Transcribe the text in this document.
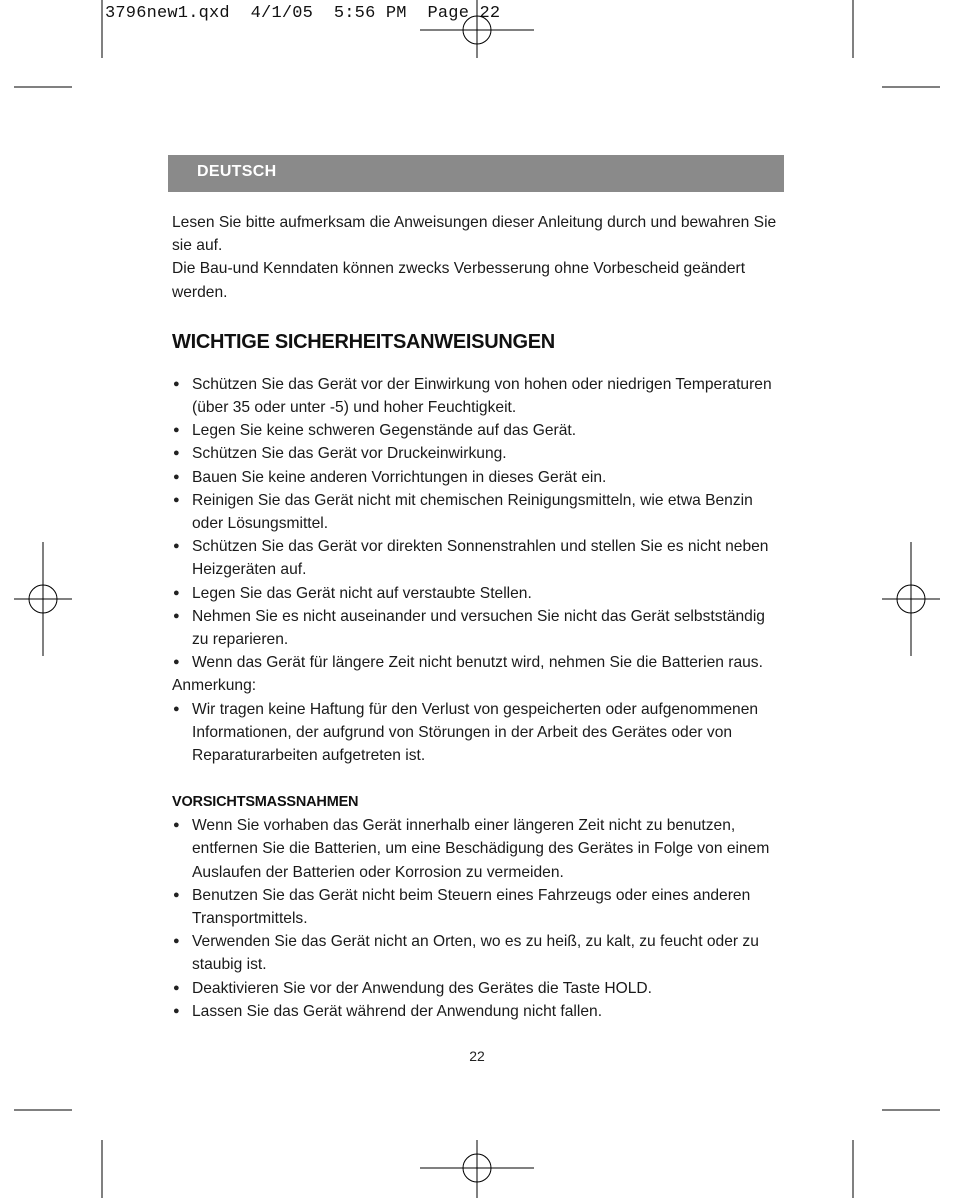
3796new1.qxd 4/1/05 5:56 PM Page 22
DEUTSCH

Lesen Sie bitte aufmerksam die Anweisungen dieser Anleitung durch und bewahren Sie sie auf.

Die Bau-und Kenndaten können zwecks Verbesserung ohne Vorbescheid geändert werden.

WICHTIGE SICHERHEITSANWEISUNGEN
● Schützen Sie das Gerät vor der Einwirkung von hohen oder niedrigen Temperaturen (über 35 oder unter -5) und hoher Feuchtigkeit.
● Legen Sie keine schweren Gegenstände auf das Gerät.
● Schützen Sie das Gerät vor Druckeinwirkung.
● Bauen Sie keine anderen Vorrichtungen in dieses Gerät ein.
● Reinigen Sie das Gerät nicht mit chemischen Reinigungsmitteln, wie etwa Benzin oder Lösungsmittel.
● Schützen Sie das Gerät vor direkten Sonnenstrahlen und stellen Sie es nicht neben Heizgeräten auf.
● Legen Sie das Gerät nicht auf verstaubte Stellen.
● Nehmen Sie es nicht auseinander und versuchen Sie nicht das Gerät selbstständig zu reparieren.
● Wenn das Gerät für längere Zeit nicht benutzt wird, nehmen Sie die Batterien raus.

Anmerkung:

● Wir tragen keine Haftung für den Verlust von gespeicherten oder aufgenommenen Informationen, der aufgrund von Störungen in der Arbeit des Gerätes oder von Reparaturarbeiten aufgetreten ist.
VORSICHTSMASSNAHMEN
● Wenn Sie vorhaben das Gerät innerhalb einer längeren Zeit nicht zu benutzen, entfernen Sie die Batterien, um eine Beschädigung des Gerätes in Folge von einem Auslaufen der Batterien oder Korrosion zu vermeiden.
● Benutzen Sie das Gerät nicht beim Steuern eines Fahrzeugs oder eines anderen Transportmittels.
● Verwenden Sie das Gerät nicht an Orten, wo es zu heiß, zu kalt, zu feucht oder zu staubig ist.
● Deaktivieren Sie vor der Anwendung des Gerätes die Taste HOLD.
● Lassen Sie das Gerät während der Anwendung nicht fallen.
22
